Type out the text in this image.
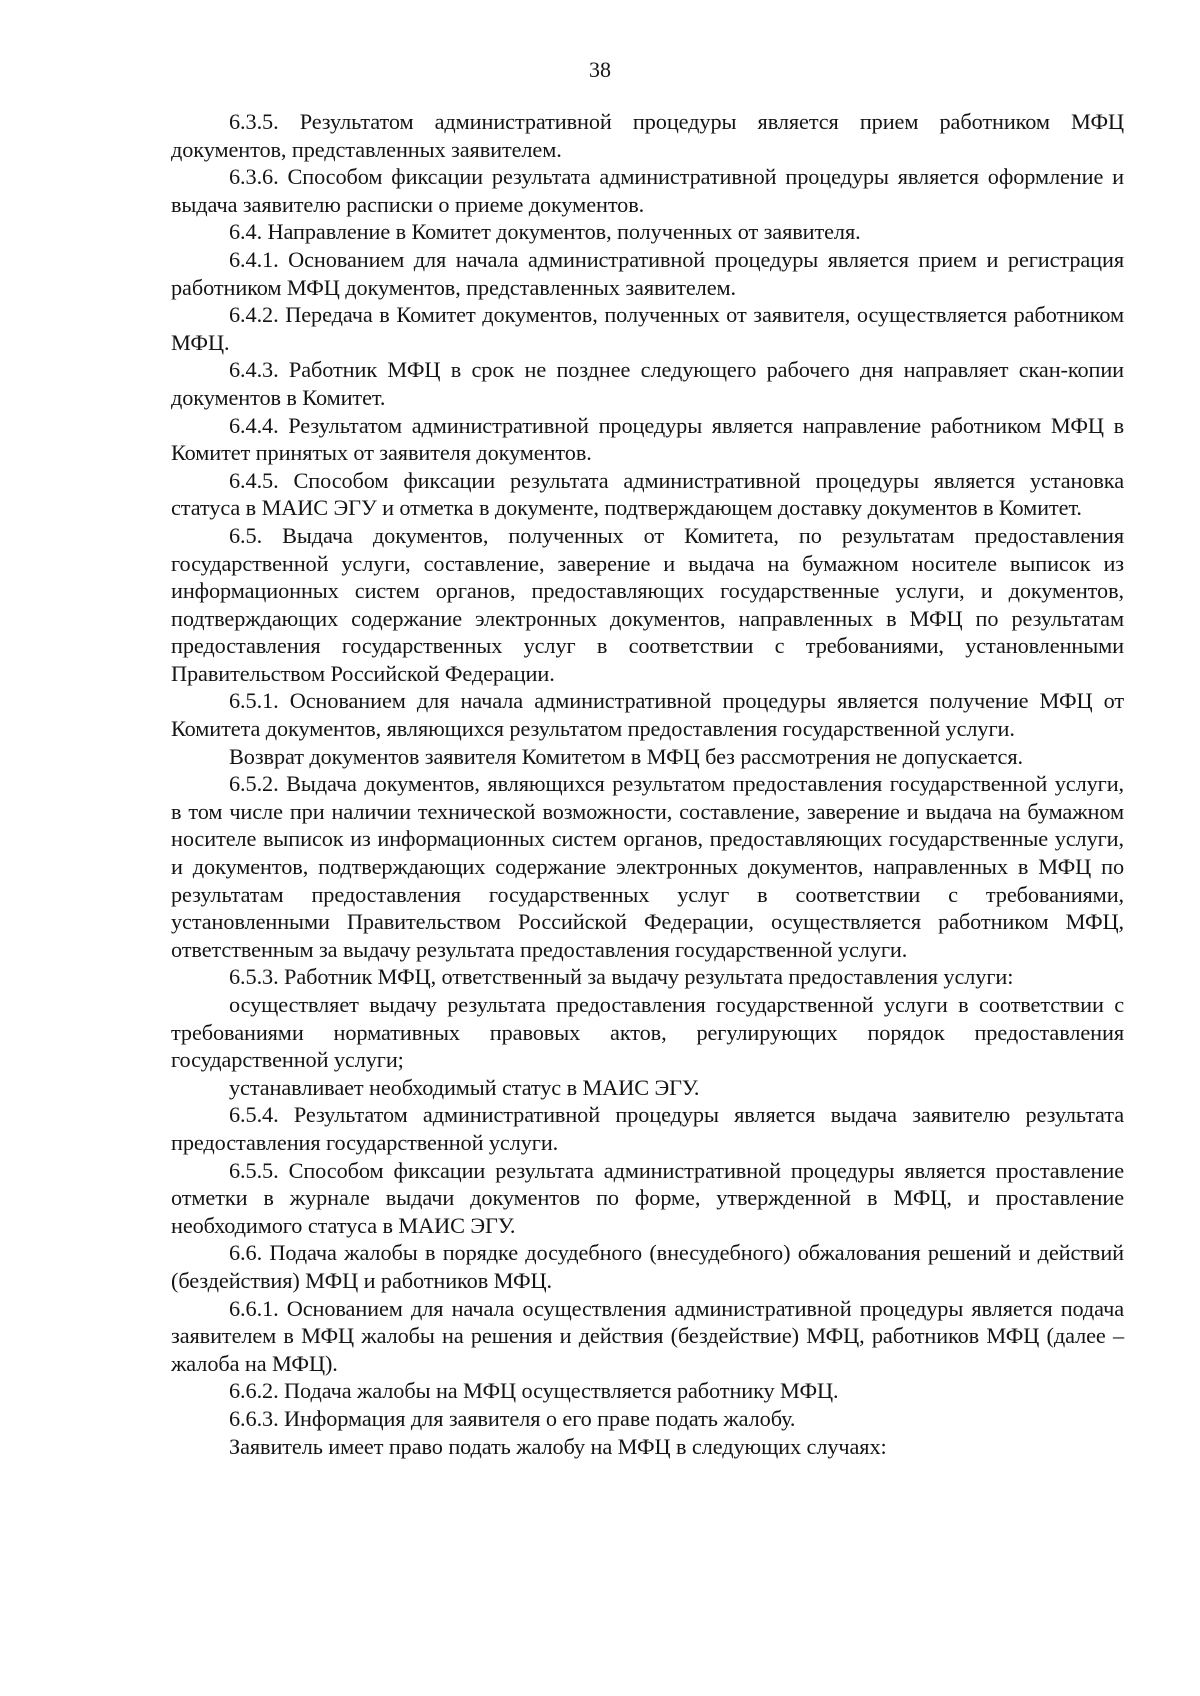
38

6.3.5. Результатом административной процедуры является прием работником МФЦ документов, представленных заявителем.

6.3.6. Способом фиксации результата административной процедуры является оформление и выдача заявителю расписки о приеме документов.

6.4. Направление в Комитет документов, полученных от заявителя.

6.4.1. Основанием для начала административной процедуры является прием и регистрация работником МФЦ документов, представленных заявителем.

6.4.2. Передача в Комитет документов, полученных от заявителя, осуществляется работником МФЦ.

6.4.3. Работник МФЦ в срок не позднее следующего рабочего дня направляет скан-копии документов в Комитет.

6.4.4. Результатом административной процедуры является направление работником МФЦ в Комитет принятых от заявителя документов.

6.4.5. Способом фиксации результата административной процедуры является установка статуса в МАИС ЭГУ и отметка в документе, подтверждающем доставку документов в Комитет.

6.5. Выдача документов, полученных от Комитета, по результатам предоставления государственной услуги, составление, заверение и выдача на бумажном носителе выписок из информационных систем органов, предоставляющих государственные услуги, и документов, подтверждающих содержание электронных документов, направленных в МФЦ по результатам предоставления государственных услуг в соответствии с требованиями, установленными Правительством Российской Федерации.

6.5.1. Основанием для начала административной процедуры является получение МФЦ от Комитета документов, являющихся результатом предоставления государственной услуги.

Возврат документов заявителя Комитетом в МФЦ без рассмотрения не допускается.

6.5.2. Выдача документов, являющихся результатом предоставления государственной услуги, в том числе при наличии технической возможности, составление, заверение и выдача на бумажном носителе выписок из информационных систем органов, предоставляющих государственные услуги, и документов, подтверждающих содержание электронных документов, направленных в МФЦ по результатам предоставления государственных услуг в соответствии с требованиями, установленными Правительством Российской Федерации, осуществляется работником МФЦ, ответственным за выдачу результата предоставления государственной услуги.

6.5.3. Работник МФЦ, ответственный за выдачу результата предоставления услуги:

осуществляет выдачу результата предоставления государственной услуги в соответствии с требованиями нормативных правовых актов, регулирующих порядок предоставления государственной услуги;

устанавливает необходимый статус в МАИС ЭГУ.

6.5.4. Результатом административной процедуры является выдача заявителю результата предоставления государственной услуги.

6.5.5. Способом фиксации результата административной процедуры является проставление отметки в журнале выдачи документов по форме, утвержденной в МФЦ, и проставление необходимого статуса в МАИС ЭГУ.

6.6. Подача жалобы в порядке досудебного (внесудебного) обжалования решений и действий (бездействия) МФЦ и работников МФЦ.

6.6.1. Основанием для начала осуществления административной процедуры является подача заявителем в МФЦ жалобы на решения и действия (бездействие) МФЦ, работников МФЦ (далее – жалоба на МФЦ).

6.6.2. Подача жалобы на МФЦ осуществляется работнику МФЦ.

6.6.3. Информация для заявителя о его праве подать жалобу.

Заявитель имеет право подать жалобу на МФЦ в следующих случаях:
